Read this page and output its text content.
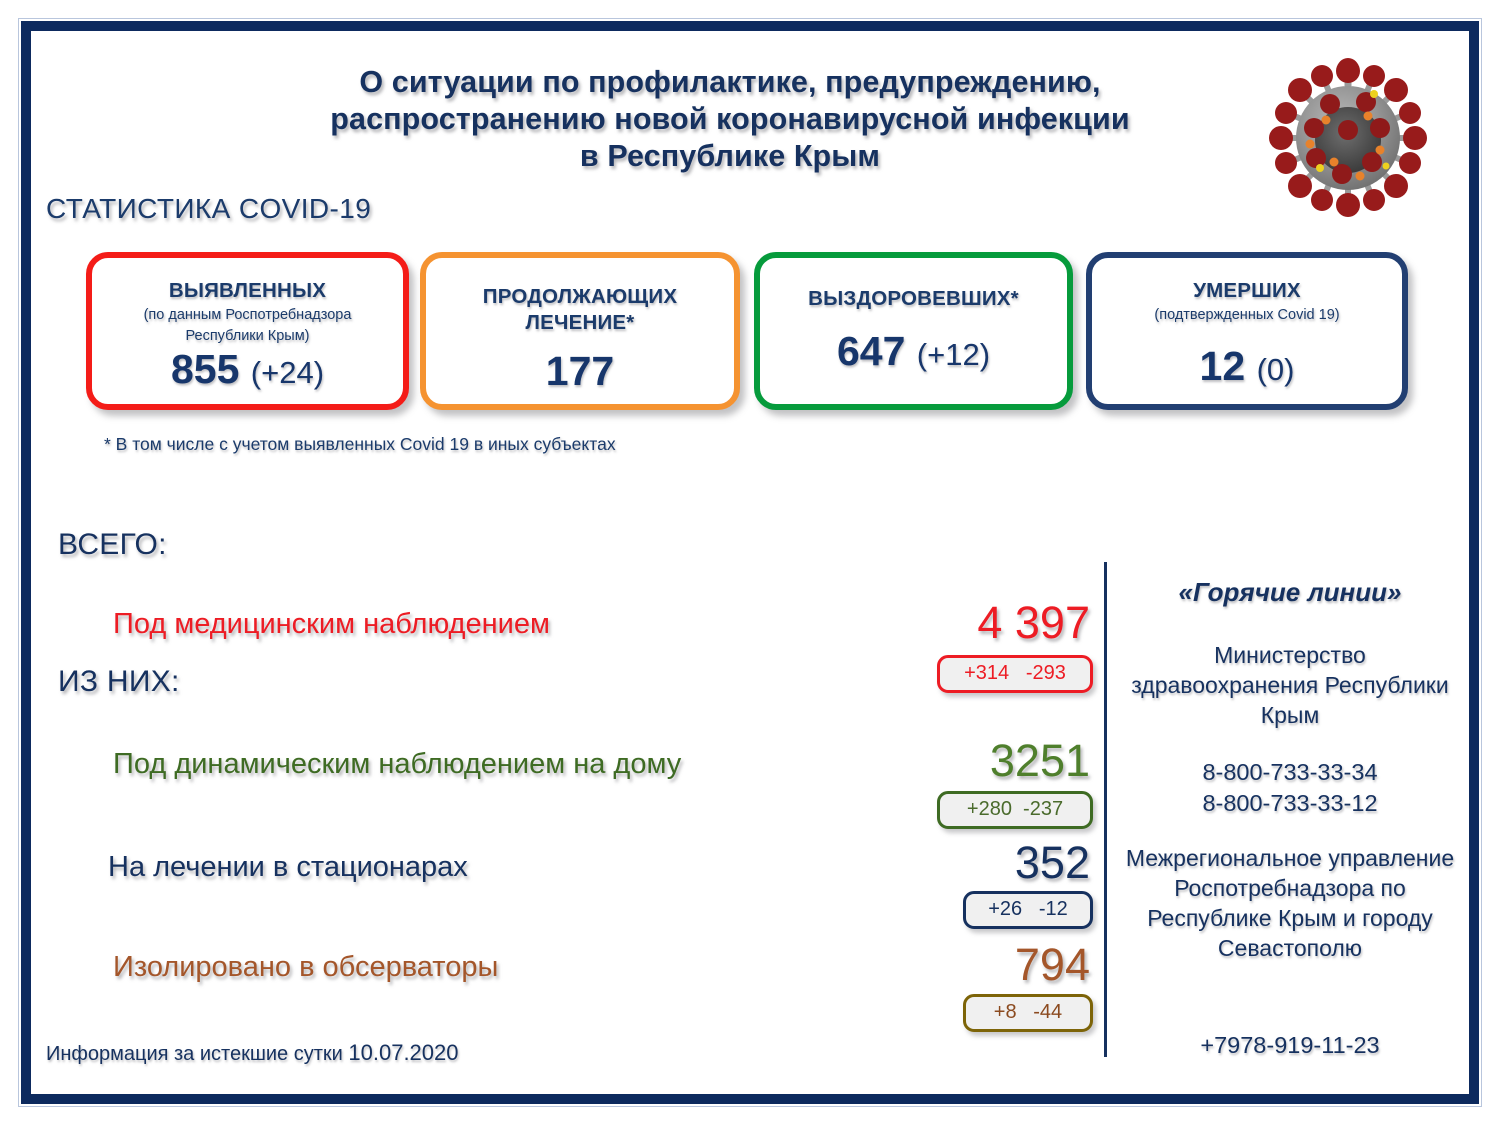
О ситуации по профилактике, предупреждению,
распространению новой коронавирусной инфекции
в Республике Крым
СТАТИСТИКА COVID-19
ВЫЯВЛЕННЫХ
(по данным Роспотребнадзора
Республики Крым)
855 (+24)
ПРОДОЛЖАЮЩИХ
ЛЕЧЕНИЕ*
177
ВЫЗДОРОВЕВШИХ*
647 (+12)
УМЕРШИХ
(подтвержденных Covid 19)
12 (0)
* В том числе с учетом выявленных Covid 19 в иных субъектах
ВСЕГО:
ИЗ НИХ:
Под медицинским наблюдением	4 397
+314   -293
Под динамическим наблюдением на дому	3251
+280  -237
На лечении в стационарах	352
+26   -12
Изолировано в обсерваторы	794
+8   -44
«Горячие линии»
Министерство здравоохранения Республики Крым
8-800-733-33-34
8-800-733-33-12
Межрегиональное управление Роспотребнадзора по Республике Крым и городу Севастополю
+7978-919-11-23
Информация за истекшие сутки 10.07.2020
